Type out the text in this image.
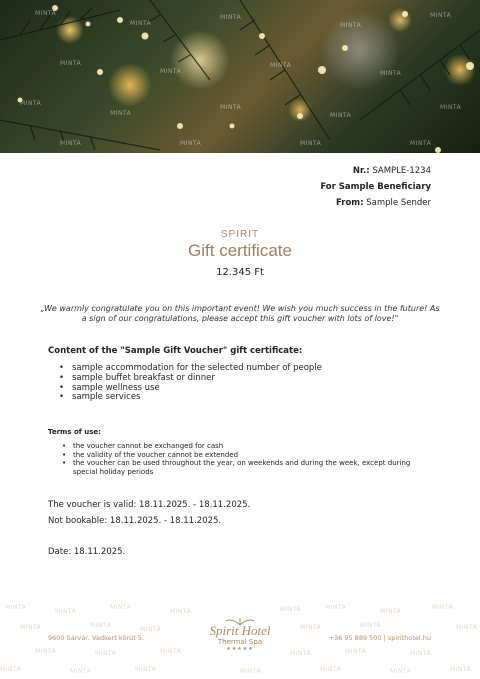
MINTA
MINTA
MINTA
MINTA
MINTA
MINTA
MINTA
MINTA
MINTA
MINTA
MINTA
MINTA
MINTA
MINTA
MINTA	MINTA	MINTA	MINTA
Nr.: SAMPLE-1234
For Sample Beneficiary
From: Sample Sender
SPIRIT
Gift certificate
12.345 Ft
„We warmly congratulate you on this important event! We wish you much success in the future! As a sign of our congratulations, please accept this gift voucher with lots of love!"
Content of the "Sample Gift Voucher" gift certificate:
• sample accommodation for the selected number of people
• sample buffet breakfast or dinner
• sample wellness use
• sample services
Terms of use:
• the voucher cannot be exchanged for cash
• the validity of the voucher cannot be extended
• the voucher can be used throughout the year, on weekends and during the week, except during special holiday periods
The voucher is valid: 18.11.2025. - 18.11.2025.
Not bookable: 18.11.2025. - 18.11.2025.
Date: 18.11.2025.
MINTA
MINTA
MINTA
MINTA	MINTA	MINTA
MINTA
MINTA
MINTA	MINTA
MINTA	MINTA	MINTA	MINTA
MINTA	MINTA	MINTA	MINTA	MINTA	MINTA
MINTA	MINTA	MINTA	MINTA	MINTA	MINTA	MINTA
9600 Sárvár, Vadkert körút 5.	+36 95 889 500 | spirithotel.hu
Spirit Hotel
Thermal Spa
★★★★★
